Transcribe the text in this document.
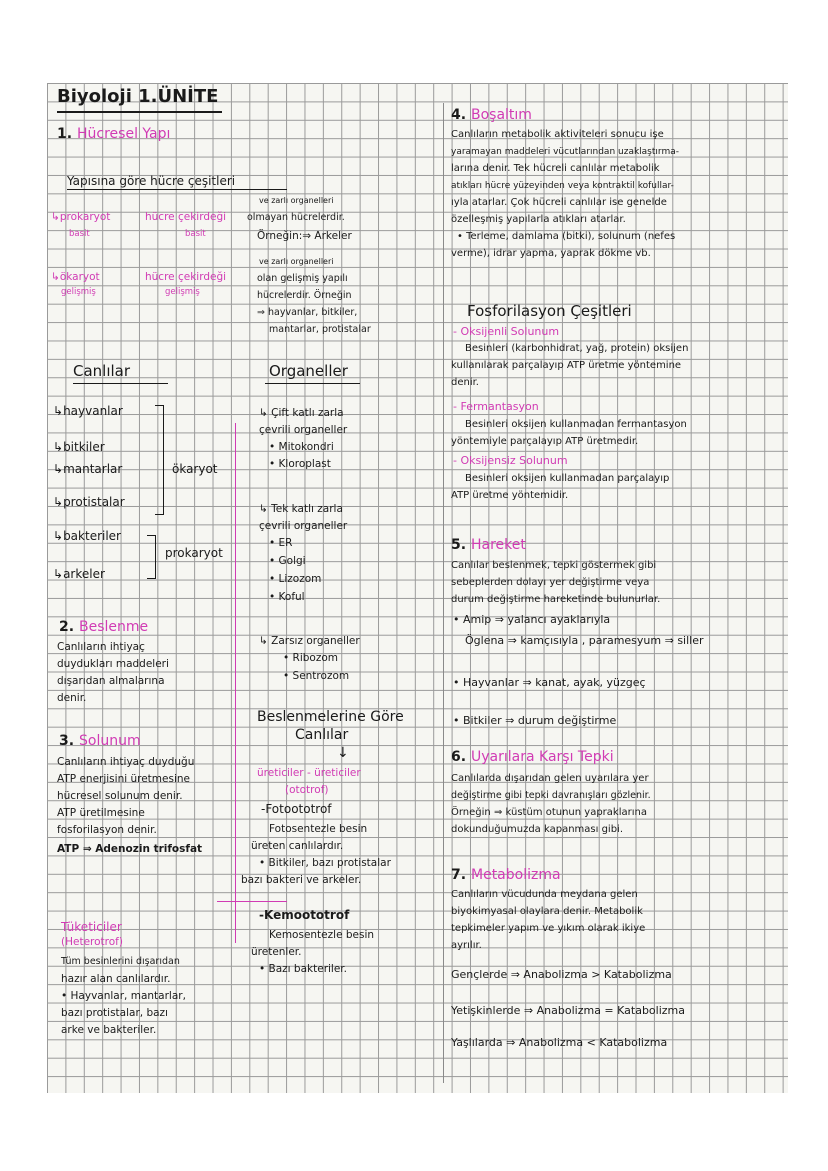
Biyoloji 1.ÜNİTE
1. Hücresel Yapı
Yapısına göre hücre çeşitleri
↳prokaryot
basit
hücre çekirdeği
basit
ve zarlı organelleri
olmayan hücrelerdir.
Örneğin:⇒ Arkeler
↳ökaryot
gelişmiş
hücre çekirdeği
gelişmiş
ve zarlı organelleri
olan gelişmiş yapılı
hücrelerdir. Örneğin
⇒ hayvanlar, bitkiler,
mantarlar, protistalar
Canlılar
↳hayvanlar
↳bitkiler
↳mantarlar
↳protistalar
↳bakteriler
↳arkeler
ökaryot
prokaryot
Organeller
↳ Çift katlı zarla
çevrili organeller
• Mitokondri
• Kloroplast
↳ Tek katlı zarla
çevrili organeller
• ER
• Golgi
• Lizozom
• Koful
↳ Zarsız organeller
• Ribozom
• Sentrozom
2. Beslenme
Canlıların ihtiyaç
duydukları maddeleri
dışarıdan almalarına
denir.
3. Solunum
Canlıların ihtiyaç duyduğu
ATP enerjisini üretmesine
hücresel solunum denir.
ATP üretilmesine
fosforilasyon denir.
ATP ⇒ Adenozin trifosfat
Beslenmelerine Göre
Canlılar
↓
üreticiler - üreticiler
(ototrof)
-Fotoototrof
Fotosentezle besin
üreten canlılardır.
• Bitkiler, bazı protistalar
bazı bakteri ve arkeler.
-Kemoototrof
Kemosentezle besin
üretenler.
• Bazı bakteriler.
Tüketiciler
(Heterotrof)
Tüm besinlerini dışarıdan
hazır alan canlılardır.
• Hayvanlar, mantarlar,
bazı protistalar, bazı
arke ve bakteriler.
4. Boşaltım
Canlıların metabolik aktiviteleri sonucu işe
yaramayan maddeleri vücutlarından uzaklaştırma-
larına denir. Tek hücreli canlılar metabolik
atıkları hücre yüzeyinden veya kontraktil kofullar-
ıyla atarlar. Çok hücreli canlılar ise genelde
özelleşmiş yapılarla atıkları atarlar.
• Terleme, damlama (bitki), solunum (nefes
verme), idrar yapma, yaprak dökme vb.
Fosforilasyon Çeşitleri
- Oksijenli Solunum
Besinleri (karbonhidrat, yağ, protein) oksijen
kullanılarak parçalayıp ATP üretme yöntemine
denir.
- Fermantasyon
Besinleri oksijen kullanmadan fermantasyon
yöntemiyle parçalayıp ATP üretmedir.
- Oksijensiz Solunum
Besinleri oksijen kullanmadan parçalayıp
ATP üretme yöntemidir.
5. Hareket
Canlılar beslenmek, tepki göstermek gibi
sebeplerden dolayı yer değiştirme veya
durum değiştirme hareketinde bulunurlar.
• Amip ⇒ yalancı ayaklarıyla
Öglena ⇒ kamçısıyla , paramesyum ⇒ siller
• Hayvanlar ⇒ kanat, ayak, yüzgeç
• Bitkiler ⇒ durum değiştirme
6. Uyarılara Karşı Tepki
Canlılarda dışarıdan gelen uyarılara yer
değiştirme gibi tepki davranışları gözlenir.
Örneğin ⇒ küstüm otunun yapraklarına
dokunduğumuzda kapanması gibi.
7. Metabolizma
Canlıların vücudunda meydana gelen
biyokimyasal olaylara denir. Metabolik
tepkimeler yapım ve yıkım olarak ikiye
ayrılır.
Gençlerde ⇒ Anabolizma > Katabolizma
Yetişkinlerde ⇒ Anabolizma = Katabolizma
Yaşlılarda ⇒ Anabolizma < Katabolizma
